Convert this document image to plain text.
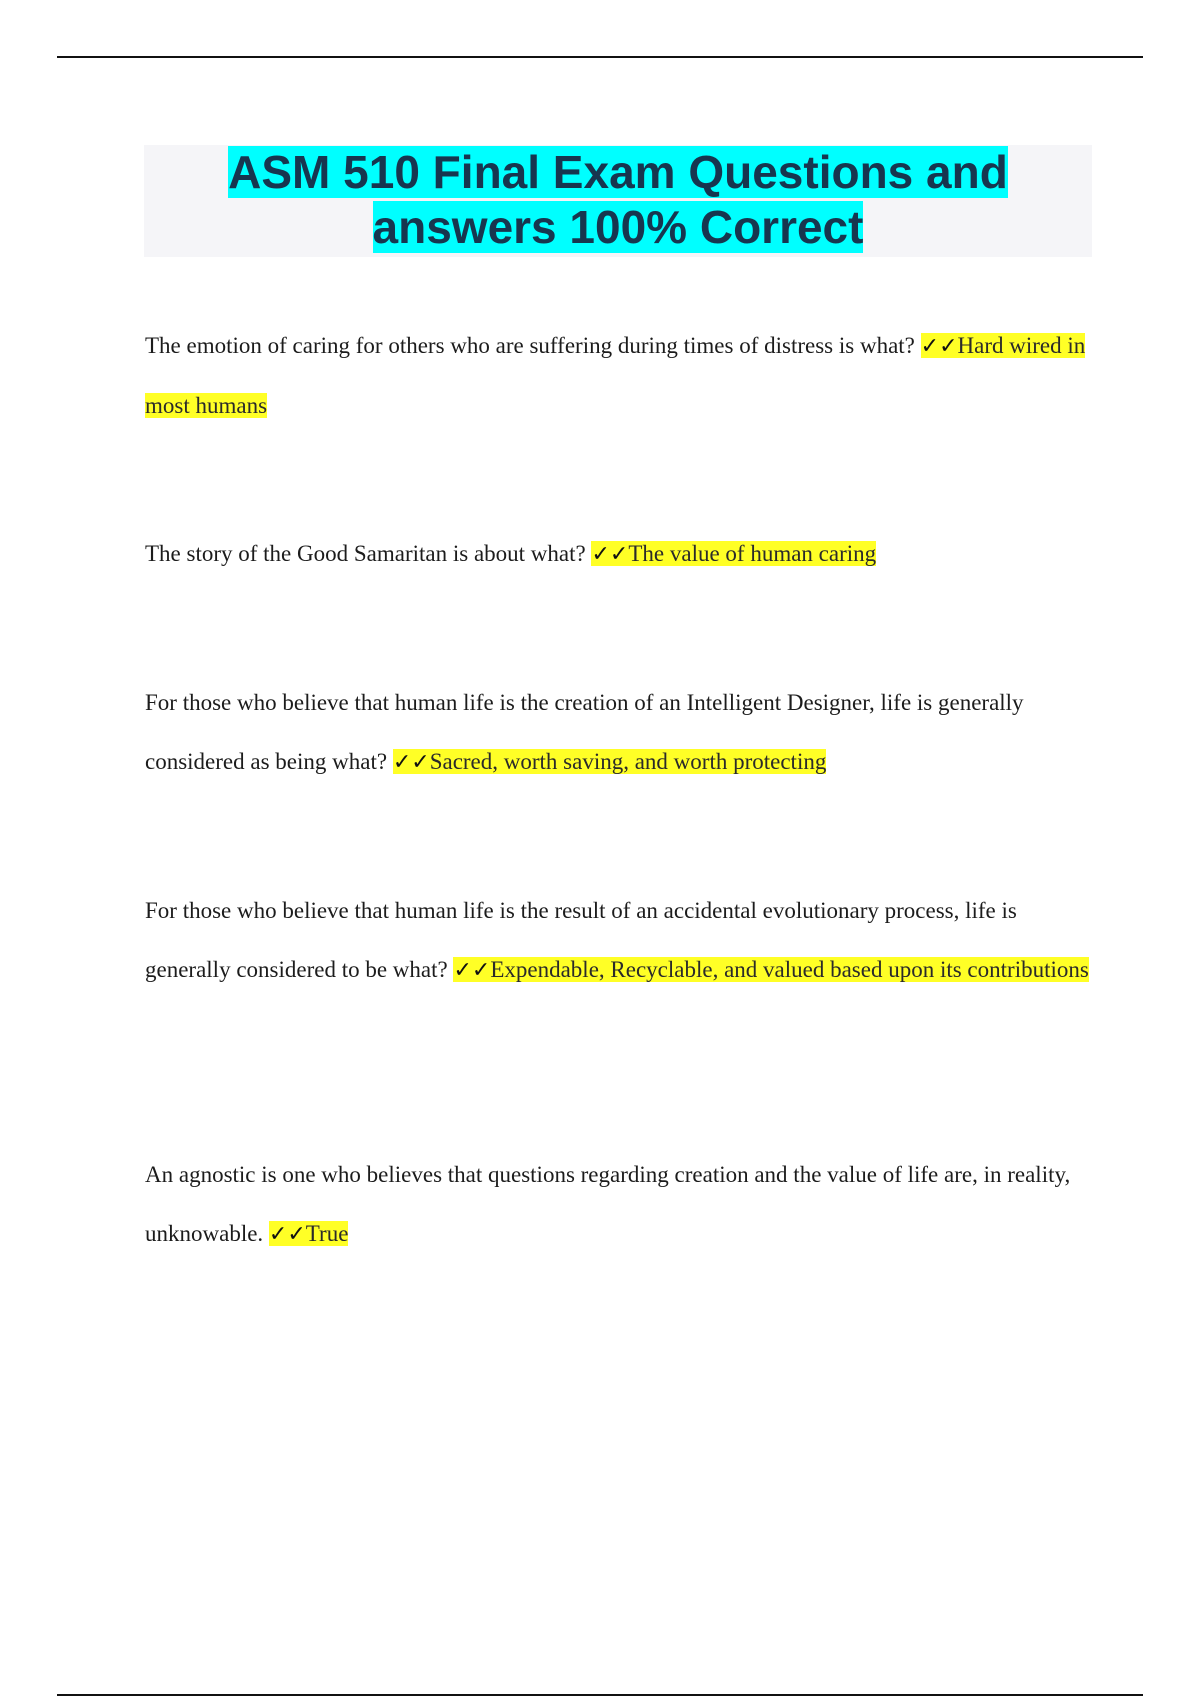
ASM 510 Final Exam Questions and answers 100% Correct

The emotion of caring for others who are suffering during times of distress is what? ✓✓Hard wired in most humans

The story of the Good Samaritan is about what? ✓✓The value of human caring

For those who believe that human life is the creation of an Intelligent Designer, life is generally considered as being what? ✓✓Sacred, worth saving, and worth protecting

For those who believe that human life is the result of an accidental evolutionary process, life is generally considered to be what? ✓✓Expendable, Recyclable, and valued based upon its contributions

An agnostic is one who believes that questions regarding creation and the value of life are, in reality, unknowable. ✓✓True
